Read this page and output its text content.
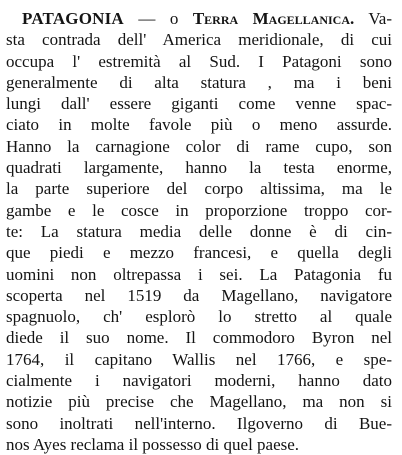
PATAGONIA — o Terra Magellanica. Va-
sta contrada dell' America meridionale, di cui
occupa l' estremità al Sud. I Patagoni sono
generalmente di alta statura , ma i beni
lungi dall' essere giganti come venne spac-
ciato in molte favole più o meno assurde.
Hanno la carnagione color di rame cupo, son
quadrati largamente, hanno la testa enorme,
la parte superiore del corpo altissima, ma le
gambe e le cosce in proporzione troppo cor-
te: La statura media delle donne è di cin-
que piedi e mezzo francesi, e quella degli
uomini non oltrepassa i sei. La Patagonia fu
scoperta nel 1519 da Magellano, navigatore
spagnuolo, ch' esplorò lo stretto al quale
diede il suo nome. Il commodoro Byron nel
1764, il capitano Wallis nel 1766, e spe-
cialmente i navigatori moderni, hanno dato
notizie più precise che Magellano, ma non si
sono inoltrati nell'interno. Ilgoverno di Bue-
nos Ayes reclama il possesso di quel paese.
